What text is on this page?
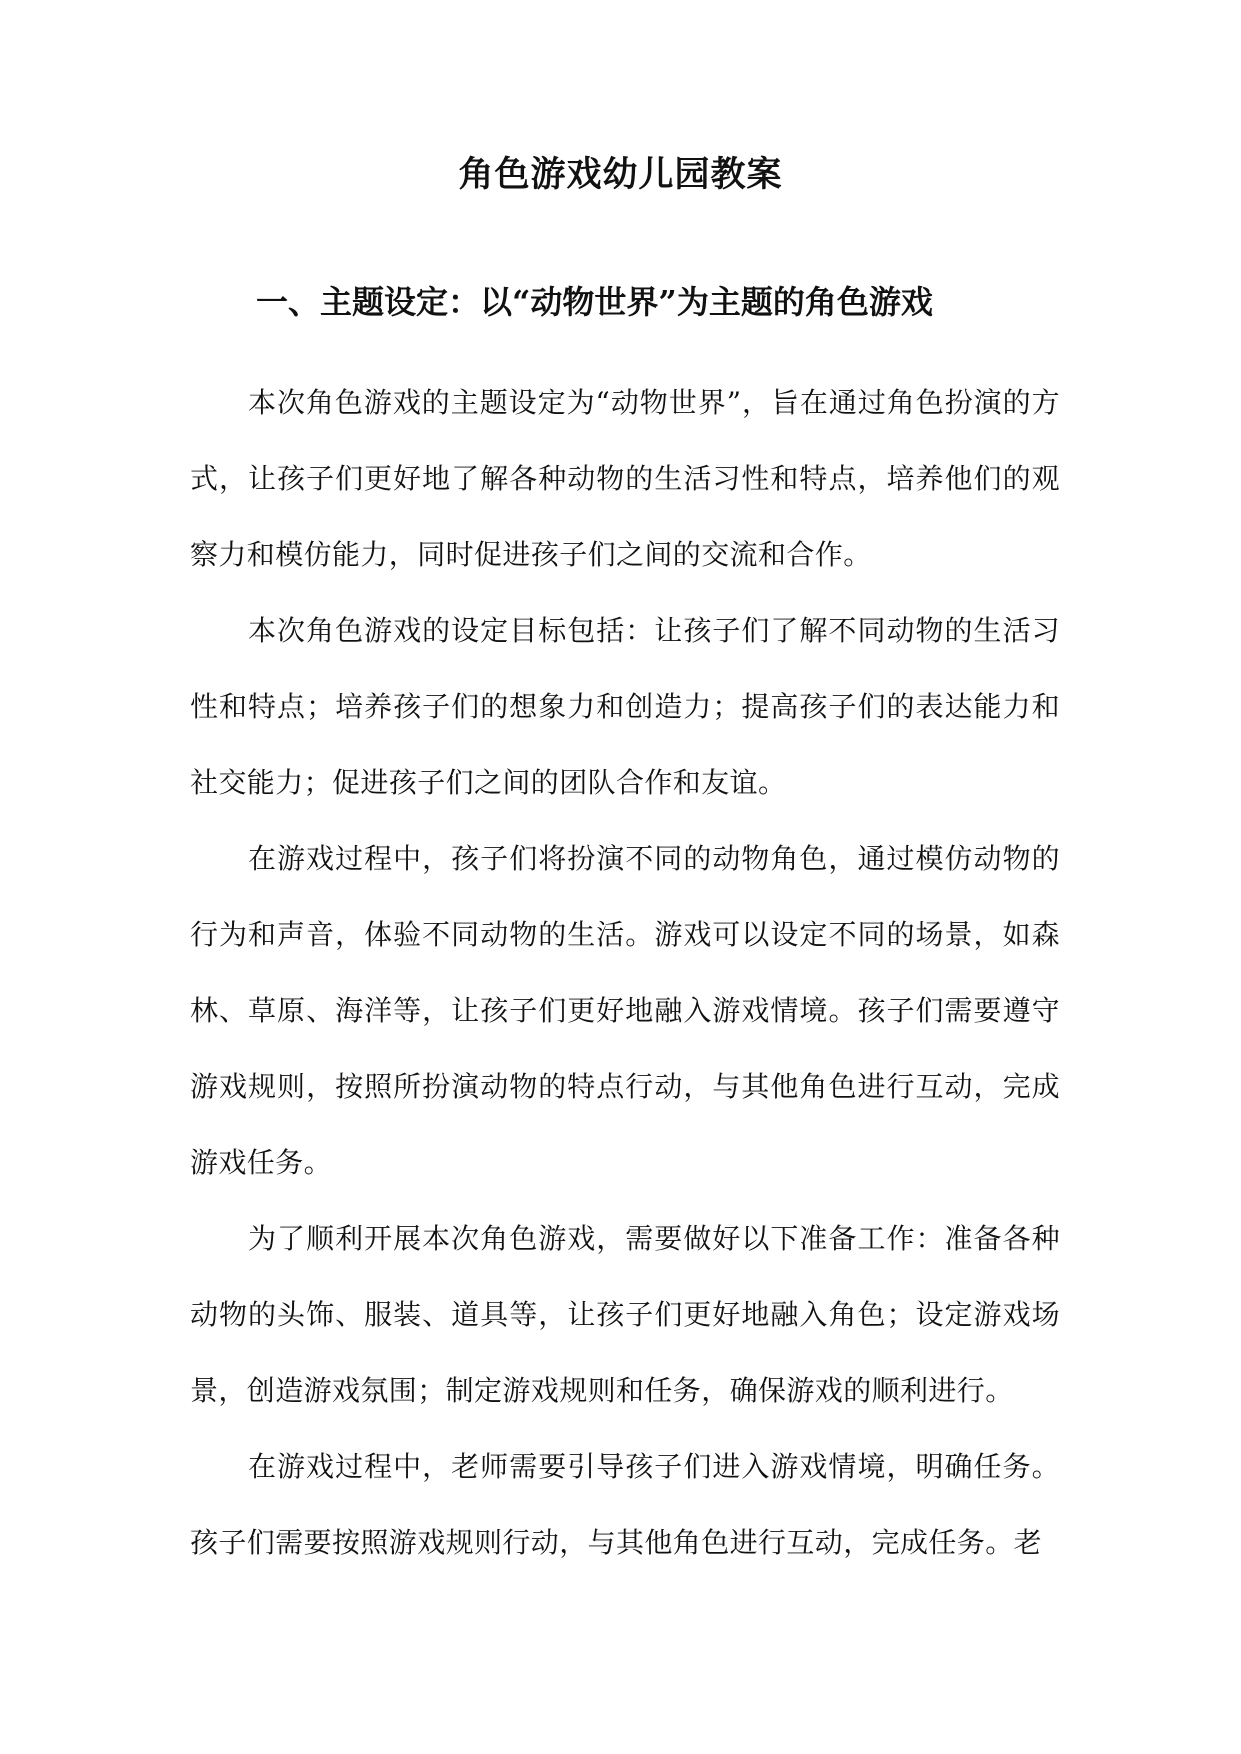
角色游戏幼儿园教案
一、主题设定：以“动物世界”为主题的角色游戏

本次角色游戏的主题设定为“动物世界”，旨在通过角色扮演的方式，让孩子们更好地了解各种动物的生活习性和特点，培养他们的观察力和模仿能力，同时促进孩子们之间的交流和合作。

本次角色游戏的设定目标包括：让孩子们了解不同动物的生活习性和特点；培养孩子们的想象力和创造力；提高孩子们的表达能力和社交能力；促进孩子们之间的团队合作和友谊。

在游戏过程中，孩子们将扮演不同的动物角色，通过模仿动物的行为和声音，体验不同动物的生活。游戏可以设定不同的场景，如森林、草原、海洋等，让孩子们更好地融入游戏情境。孩子们需要遵守游戏规则，按照所扮演动物的特点行动，与其他角色进行互动，完成游戏任务。

为了顺利开展本次角色游戏，需要做好以下准备工作：准备各种动物的头饰、服装、道具等，让孩子们更好地融入角色；设定游戏场景，创造游戏氛围；制定游戏规则和任务，确保游戏的顺利进行。

在游戏过程中，老师需要引导孩子们进入游戏情境，明确任务。孩子们需要按照游戏规则行动，与其他角色进行互动，完成任务。老
